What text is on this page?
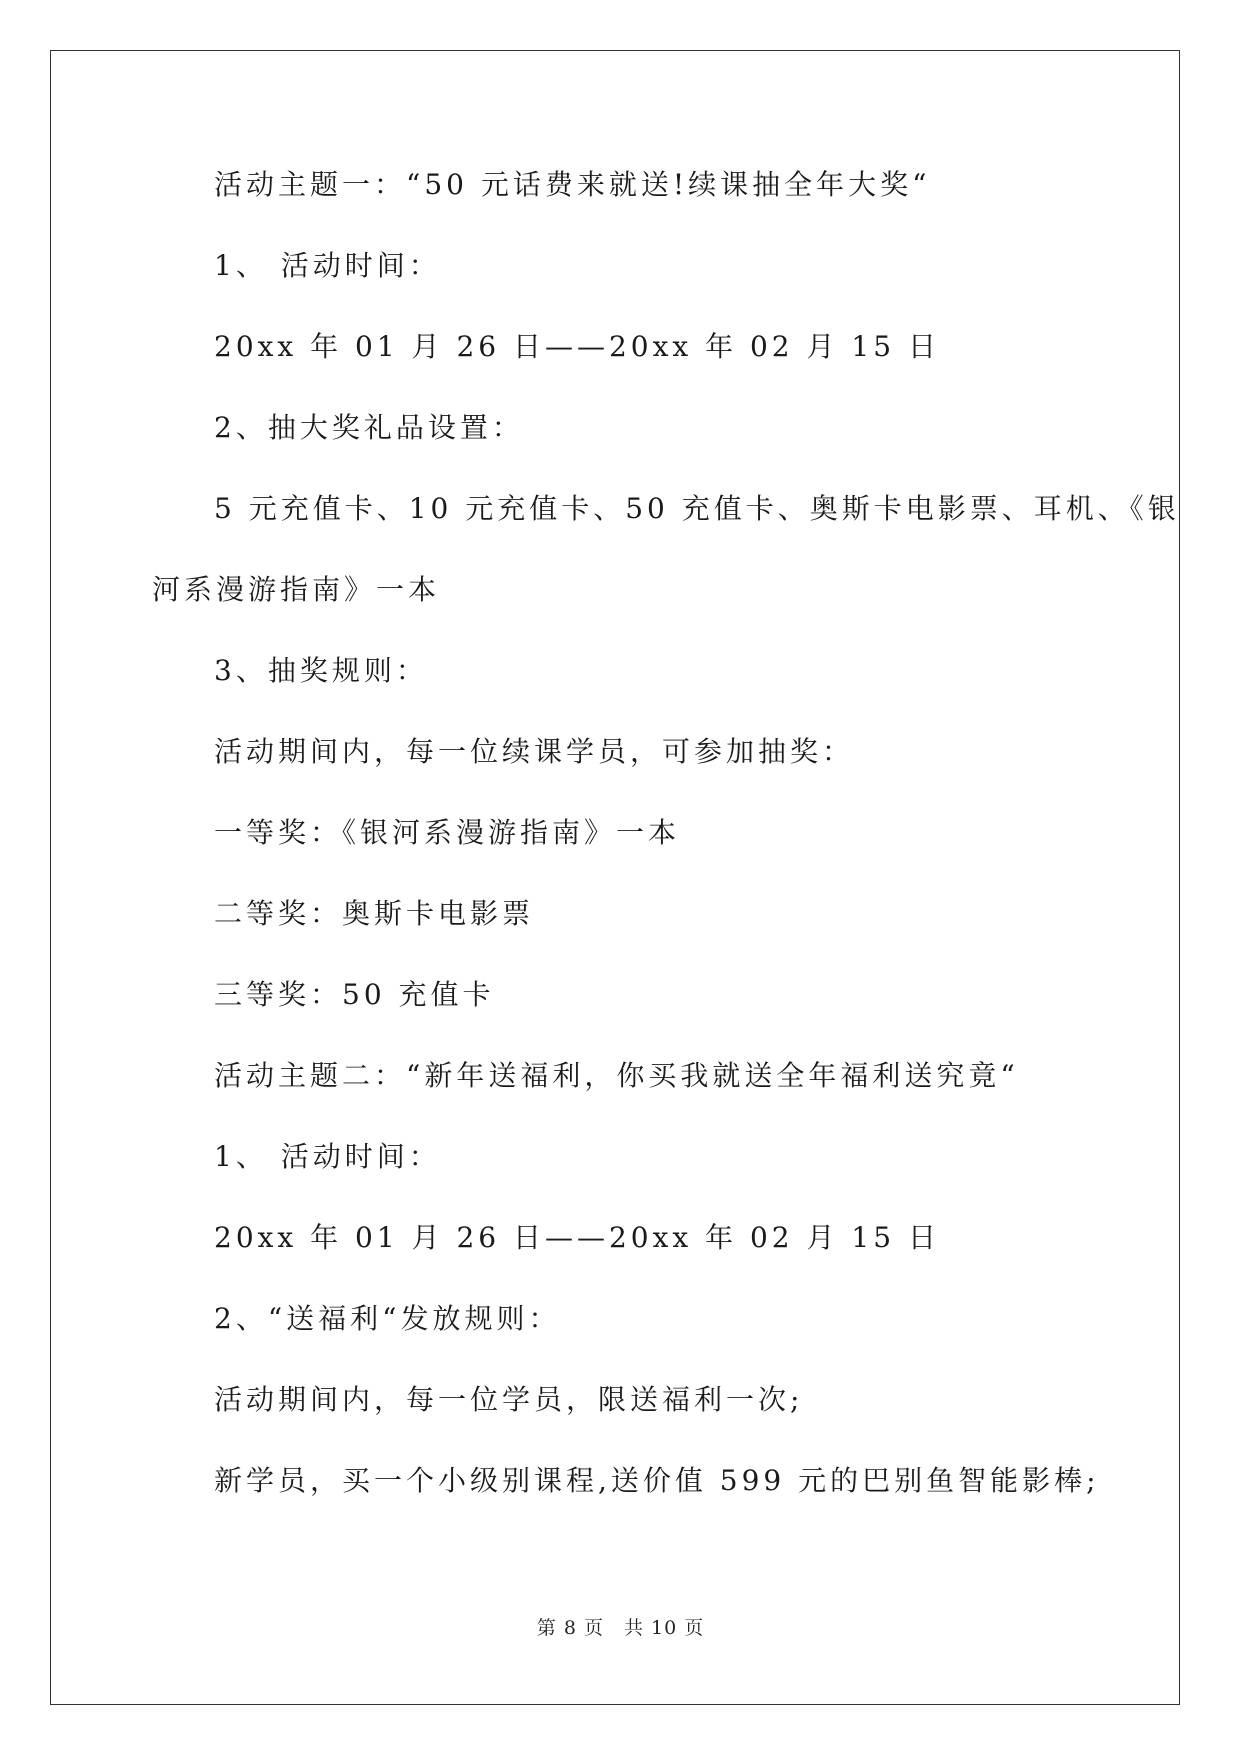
活动主题一：“50 元话费来就送!续课抽全年大奖“
1、 活动时间：
20xx 年 01 月 26 日——20xx 年 02 月 15 日
2、抽大奖礼品设置：
5 元充值卡、10 元充值卡、50 充值卡、奥斯卡电影票、耳机、《银
河系漫游指南》一本
3、抽奖规则：
活动期间内，每一位续课学员，可参加抽奖：
一等奖：《银河系漫游指南》一本
二等奖：奥斯卡电影票
三等奖：50 充值卡
活动主题二：“新年送福利，你买我就送全年福利送究竟“
1、 活动时间：
20xx 年 01 月 26 日——20xx 年 02 月 15 日
2、“送福利“发放规则：
活动期间内，每一位学员，限送福利一次;
新学员，买一个小级别课程,送价值 599 元的巴别鱼智能影棒;
第 8 页　共 10 页
